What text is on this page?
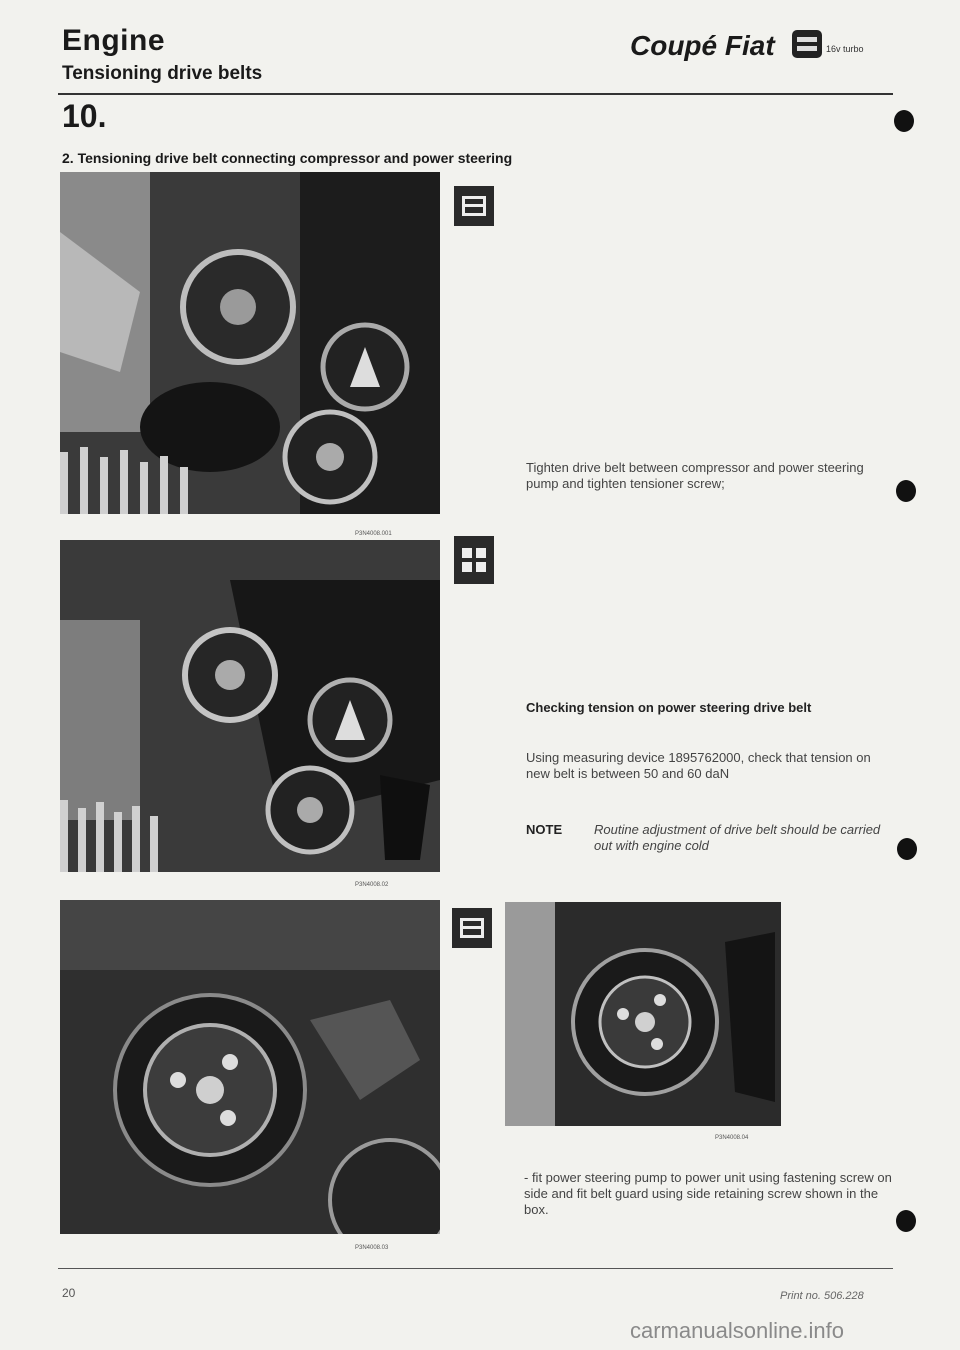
Engine
Tensioning drive belts
Coupé Fiat	16v turbo
10.
2. Tensioning drive belt connecting compressor and power steering
P3N4008.001
Tighten drive belt between compressor and power steering pump and tighten tensioner screw;
P3N4008.02
Checking tension on power steering drive belt
Using measuring device 1895762000, check that tension on new belt is between 50 and 60 daN
NOTE Routine adjustment of drive belt should be carried out with engine cold
P3N4008.03
P3N4008.04
- fit power steering pump to power unit using fastening screw on side and fit belt guard using side retaining screw shown in the box.
20	Print no. 506.228
carmanualsonline.info
